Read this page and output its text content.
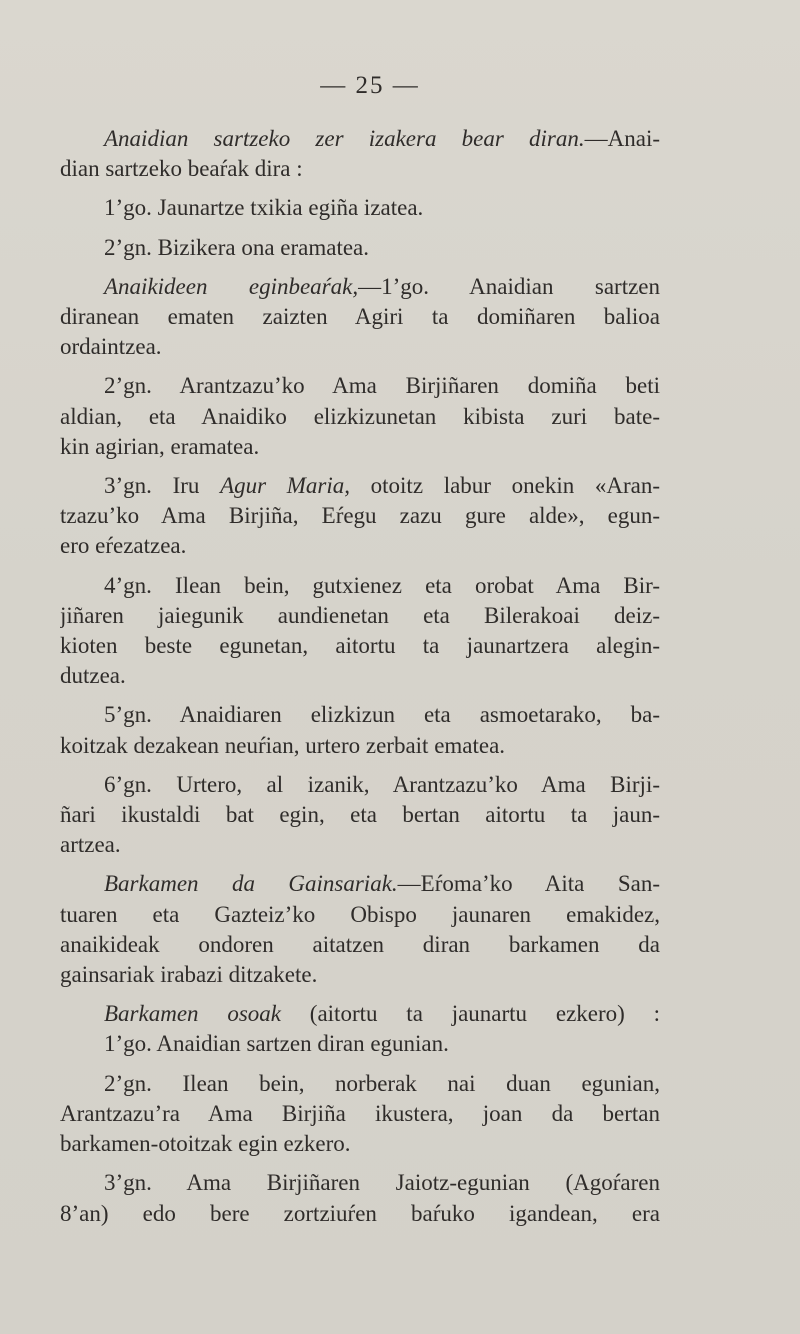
— 25 —
Anaidian sartzeko zer izakera bear diran.—Anai-
dian sartzeko beaŕak dira :
1’go. Jaunartze txikia egiña izatea.
2’gn. Bizikera ona eramatea.
Anaikideen eginbeaŕak,—1’go. Anaidian sartzen
diranean ematen zaizten Agiri ta domiñaren balioa
ordaintzea.
2’gn. Arantzazu’ko Ama Birjiñaren domiña beti
aldian, eta Anaidiko elizkizunetan kibista zuri bate-
kin agirian, eramatea.
3’gn. Iru Agur Maria, otoitz labur onekin «Aran-
tzazu’ko Ama Birjiña, Eŕegu zazu gure alde», egun-
ero eŕezatzea.
4’gn. Ilean bein, gutxienez eta orobat Ama Bir-
jiñaren jaiegunik aundienetan eta Bilerakoai deiz-
kioten beste egunetan, aitortu ta jaunartzera alegin-
dutzea.
5’gn. Anaidiaren elizkizun eta asmoetarako, ba-
koitzak dezakean neuŕian, urtero zerbait ematea.
6’gn. Urtero, al izanik, Arantzazu’ko Ama Birji-
ñari ikustaldi bat egin, eta bertan aitortu ta jaun-
artzea.
Barkamen da Gainsariak.—Eŕoma’ko Aita San-
tuaren eta Gazteiz’ko Obispo jaunaren emakidez,
anaikideak ondoren aitatzen diran barkamen da
gainsariak irabazi ditzakete.
Barkamen osoak (aitortu ta jaunartu ezkero) :
1’go. Anaidian sartzen diran egunian.
2’gn. Ilean bein, norberak nai duan egunian,
Arantzazu’ra Ama Birjiña ikustera, joan da bertan
barkamen-otoitzak egin ezkero.
3’gn. Ama Birjiñaren Jaiotz-egunian (Agoŕaren
8’an) edo bere zortziuŕen baŕuko igandean, era
